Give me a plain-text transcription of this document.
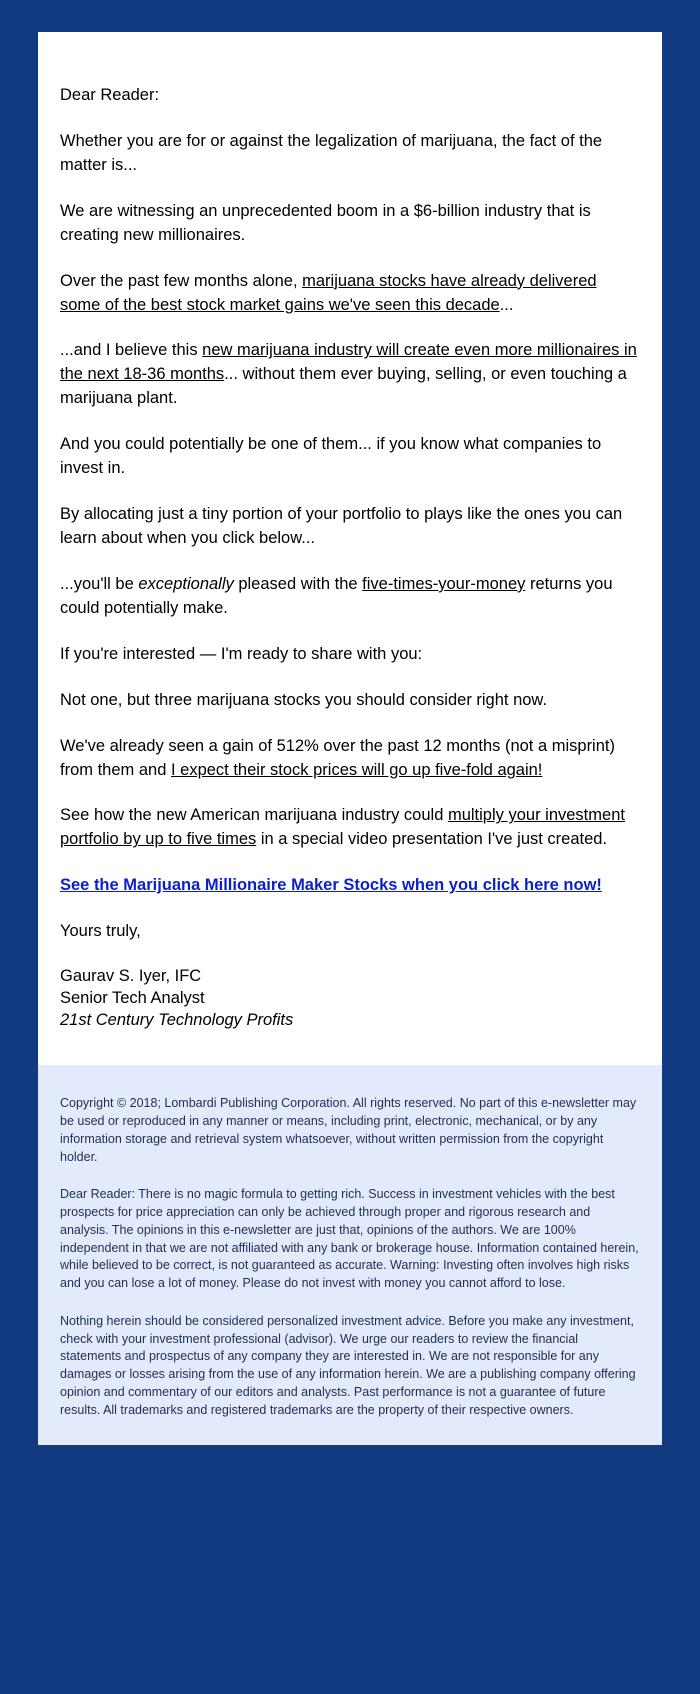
Dear Reader:

Whether you are for or against the legalization of marijuana, the fact of the matter is...

We are witnessing an unprecedented boom in a $6-billion industry that is creating new millionaires.

Over the past few months alone, marijuana stocks have already delivered some of the best stock market gains we've seen this decade...

...and I believe this new marijuana industry will create even more millionaires in the next 18-36 months... without them ever buying, selling, or even touching a marijuana plant.

And you could potentially be one of them... if you know what companies to invest in.

By allocating just a tiny portion of your portfolio to plays like the ones you can learn about when you click below...

...you'll be exceptionally pleased with the five-times-your-money returns you could potentially make.

If you're interested — I'm ready to share with you:

Not one, but three marijuana stocks you should consider right now.

We've already seen a gain of 512% over the past 12 months (not a misprint) from them and I expect their stock prices will go up five-fold again!

See how the new American marijuana industry could multiply your investment portfolio by up to five times in a special video presentation I've just created.

See the Marijuana Millionaire Maker Stocks when you click here now!

Yours truly,

Gaurav S. Iyer, IFC
Senior Tech Analyst
21st Century Technology Profits

Copyright © 2018; Lombardi Publishing Corporation. All rights reserved. No part of this e-newsletter may be used or reproduced in any manner or means, including print, electronic, mechanical, or by any information storage and retrieval system whatsoever, without written permission from the copyright holder.

Dear Reader: There is no magic formula to getting rich. Success in investment vehicles with the best prospects for price appreciation can only be achieved through proper and rigorous research and analysis. The opinions in this e-newsletter are just that, opinions of the authors. We are 100% independent in that we are not affiliated with any bank or brokerage house. Information contained herein, while believed to be correct, is not guaranteed as accurate. Warning: Investing often involves high risks and you can lose a lot of money. Please do not invest with money you cannot afford to lose.

Nothing herein should be considered personalized investment advice. Before you make any investment, check with your investment professional (advisor). We urge our readers to review the financial statements and prospectus of any company they are interested in. We are not responsible for any damages or losses arising from the use of any information herein. We are a publishing company offering opinion and commentary of our editors and analysts. Past performance is not a guarantee of future results. All trademarks and registered trademarks are the property of their respective owners.
